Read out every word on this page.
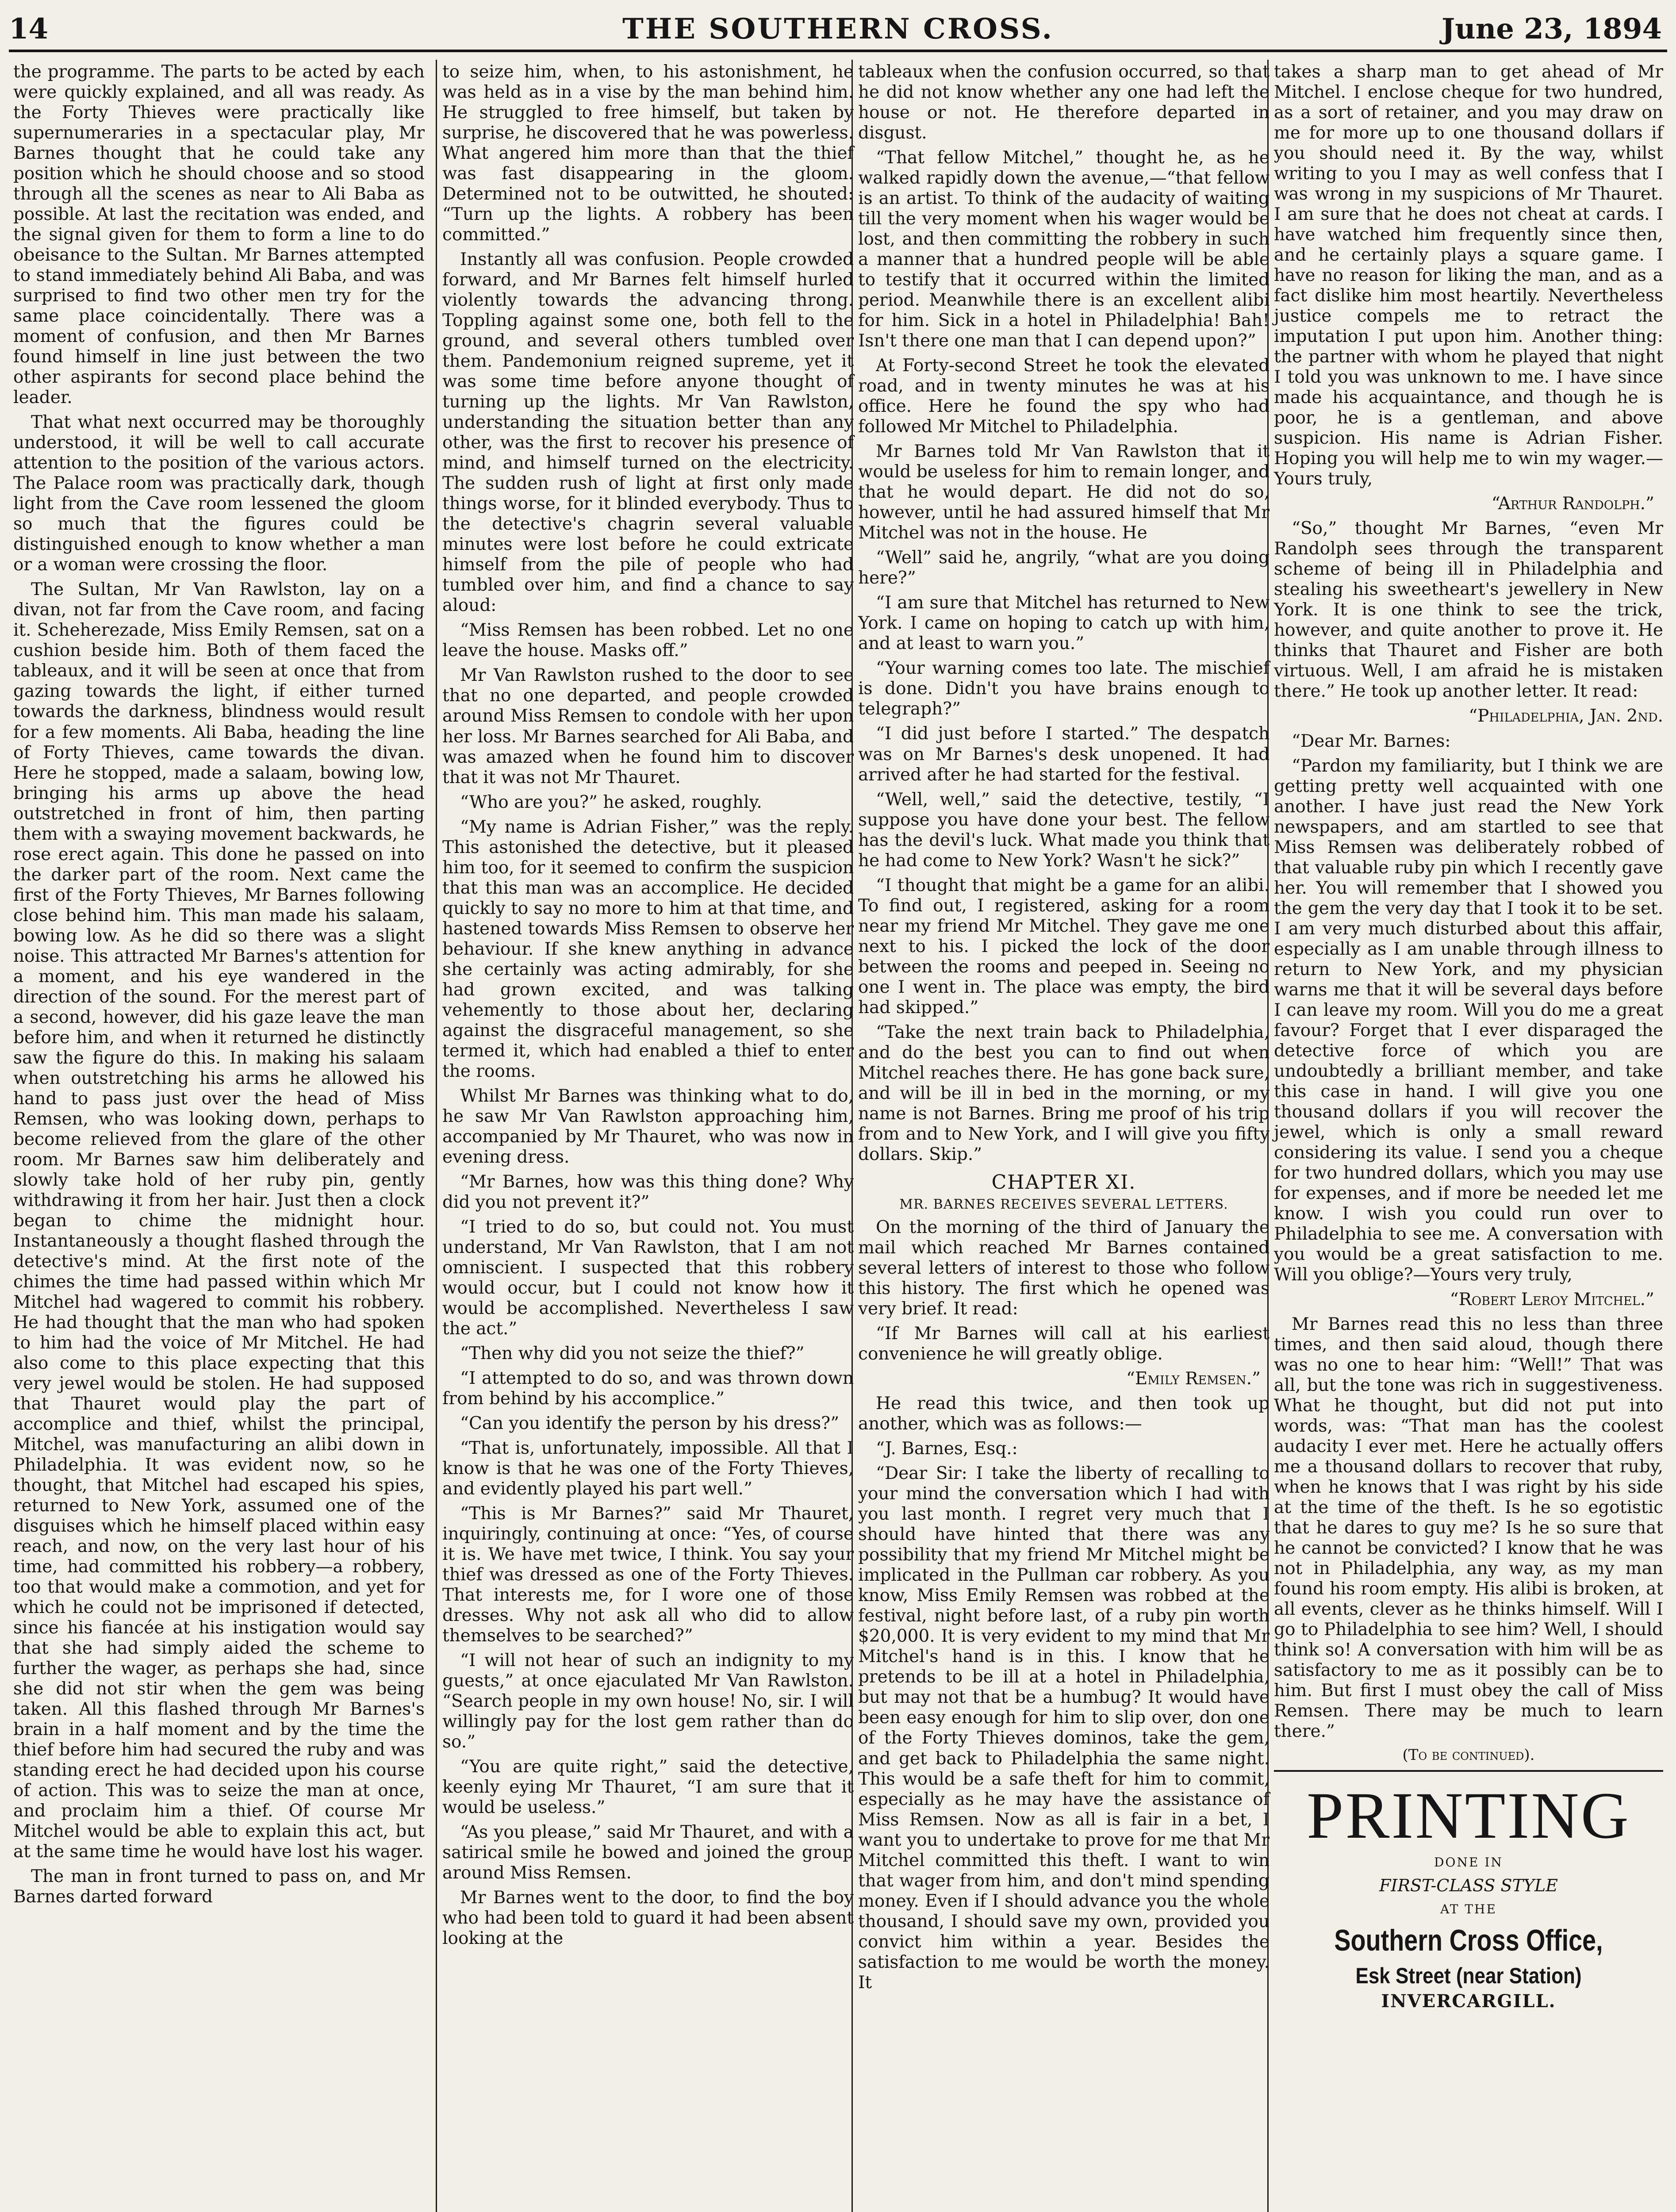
14	THE SOUTHERN CROSS.	June 23, 1894

the programme. The parts to be acted by each were quickly explained, and all was ready. As the Forty Thieves were practically like supernumeraries in a spectacular play, Mr Barnes thought that he could take any position which he should choose and so stood through all the scenes as near to Ali Baba as possible. At last the recitation was ended, and the signal given for them to form a line to do obeisance to the Sultan. Mr Barnes attempted to stand immediately behind Ali Baba, and was surprised to find two other men try for the same place coincidentally. There was a moment of confusion, and then Mr Barnes found himself in line just between the two other aspirants for second place behind the leader.

That what next occurred may be thoroughly understood, it will be well to call accurate attention to the position of the various actors. The Palace room was practically dark, though light from the Cave room lessened the gloom so much that the figures could be distinguished enough to know whether a man or a woman were crossing the floor.

The Sultan, Mr Van Rawlston, lay on a divan, not far from the Cave room, and facing it. Scheherezade, Miss Emily Remsen, sat on a cushion beside him. Both of them faced the tableaux, and it will be seen at once that from gazing towards the light, if either turned towards the darkness, blindness would result for a few moments. Ali Baba, heading the line of Forty Thieves, came towards the divan. Here he stopped, made a salaam, bowing low, bringing his arms up above the head outstretched in front of him, then parting them with a swaying movement backwards, he rose erect again. This done he passed on into the darker part of the room. Next came the first of the Forty Thieves, Mr Barnes following close behind him. This man made his salaam, bowing low. As he did so there was a slight noise. This attracted Mr Barnes's attention for a moment, and his eye wandered in the direction of the sound. For the merest part of a second, however, did his gaze leave the man before him, and when it returned he distinctly saw the figure do this. In making his salaam when outstretching his arms he allowed his hand to pass just over the head of Miss Remsen, who was looking down, perhaps to become relieved from the glare of the other room. Mr Barnes saw him deliberately and slowly take hold of her ruby pin, gently withdrawing it from her hair. Just then a clock began to chime the midnight hour. Instantaneously a thought flashed through the detective's mind. At the first note of the chimes the time had passed within which Mr Mitchel had wagered to commit his robbery. He had thought that the man who had spoken to him had the voice of Mr Mitchel. He had also come to this place expecting that this very jewel would be stolen. He had supposed that Thauret would play the part of accomplice and thief, whilst the principal, Mitchel, was manufacturing an alibi down in Philadelphia. It was evident now, so he thought, that Mitchel had escaped his spies, returned to New York, assumed one of the disguises which he himself placed within easy reach, and now, on the very last hour of his time, had committed his robbery—a robbery, too that would make a commotion, and yet for which he could not be imprisoned if detected, since his fiancée at his instigation would say that she had simply aided the scheme to further the wager, as perhaps she had, since she did not stir when the gem was being taken. All this flashed through Mr Barnes's brain in a half moment and by the time the thief before him had secured the ruby and was standing erect he had decided upon his course of action. This was to seize the man at once, and proclaim him a thief. Of course Mr Mitchel would be able to explain this act, but at the same time he would have lost his wager.

The man in front turned to pass on, and Mr Barnes darted forward

to seize him, when, to his astonishment, he was held as in a vise by the man behind him. He struggled to free himself, but taken by surprise, he discovered that he was powerless. What angered him more than that the thief was fast disappearing in the gloom. Determined not to be outwitted, he shouted: “Turn up the lights. A robbery has been committed.”

Instantly all was confusion. People crowded forward, and Mr Barnes felt himself hurled violently towards the advancing throng. Toppling against some one, both fell to the ground, and several others tumbled over them. Pandemonium reigned supreme, yet it was some time before anyone thought of turning up the lights. Mr Van Rawlston, understanding the situation better than any other, was the first to recover his presence of mind, and himself turned on the electricity. The sudden rush of light at first only made things worse, for it blinded everybody. Thus to the detective's chagrin several valuable minutes were lost before he could extricate himself from the pile of people who had tumbled over him, and find a chance to say aloud:

“Miss Remsen has been robbed. Let no one leave the house. Masks off.”

Mr Van Rawlston rushed to the door to see that no one departed, and people crowded around Miss Remsen to condole with her upon her loss. Mr Barnes searched for Ali Baba, and was amazed when he found him to discover that it was not Mr Thauret.

“Who are you?” he asked, roughly.

“My name is Adrian Fisher,” was the reply. This astonished the detective, but it pleased him too, for it seemed to confirm the suspicion that this man was an accomplice. He decided quickly to say no more to him at that time, and hastened towards Miss Remsen to observe her behaviour. If she knew anything in advance she certainly was acting admirably, for she had grown excited, and was talking vehemently to those about her, declaring against the disgraceful management, so she termed it, which had enabled a thief to enter the rooms.

Whilst Mr Barnes was thinking what to do, he saw Mr Van Rawlston approaching him, accompanied by Mr Thauret, who was now in evening dress.

“Mr Barnes, how was this thing done? Why did you not prevent it?”

“I tried to do so, but could not. You must understand, Mr Van Rawlston, that I am not omniscient. I suspected that this robbery would occur, but I could not know how it would be accomplished. Nevertheless I saw the act.”

“Then why did you not seize the thief?”

“I attempted to do so, and was thrown down from behind by his accomplice.”

“Can you identify the person by his dress?”

“That is, unfortunately, impossible. All that I know is that he was one of the Forty Thieves, and evidently played his part well.”

“This is Mr Barnes?” said Mr Thauret, inquiringly, continuing at once: “Yes, of course it is. We have met twice, I think. You say your thief was dressed as one of the Forty Thieves. That interests me, for I wore one of those dresses. Why not ask all who did to allow themselves to be searched?”

“I will not hear of such an indignity to my guests,” at once ejaculated Mr Van Rawlston. “Search people in my own house! No, sir. I will willingly pay for the lost gem rather than do so.”

“You are quite right,” said the detective, keenly eying Mr Thauret, “I am sure that it would be useless.”

“As you please,” said Mr Thauret, and with a satirical smile he bowed and joined the group around Miss Remsen.

Mr Barnes went to the door, to find the boy who had been told to guard it had been absent looking at the

tableaux when the confusion occurred, so that he did not know whether any one had left the house or not. He therefore departed in disgust.

“That fellow Mitchel,” thought he, as he walked rapidly down the avenue,—“that fellow is an artist. To think of the audacity of waiting till the very moment when his wager would be lost, and then committing the robbery in such a manner that a hundred people will be able to testify that it occurred within the limited period. Meanwhile there is an excellent alibi for him. Sick in a hotel in Philadelphia! Bah! Isn't there one man that I can depend upon?”

At Forty-second Street he took the elevated road, and in twenty minutes he was at his office. Here he found the spy who had followed Mr Mitchel to Philadelphia.

Mr Barnes told Mr Van Rawlston that it would be useless for him to remain longer, and that he would depart. He did not do so, however, until he had assured himself that Mr Mitchel was not in the house. He

“Well” said he, angrily, “what are you doing here?”

“I am sure that Mitchel has returned to New York. I came on hoping to catch up with him, and at least to warn you.”

“Your warning comes too late. The mischief is done. Didn't you have brains enough to telegraph?”

“I did just before I started.” The despatch was on Mr Barnes's desk unopened. It had arrived after he had started for the festival.

“Well, well,” said the detective, testily, “I suppose you have done your best. The fellow has the devil's luck. What made you think that he had come to New York? Wasn't he sick?”

“I thought that might be a game for an alibi. To find out, I registered, asking for a room near my friend Mr Mitchel. They gave me one next to his. I picked the lock of the door between the rooms and peeped in. Seeing no one I went in. The place was empty, the bird had skipped.”

“Take the next train back to Philadelphia, and do the best you can to find out when Mitchel reaches there. He has gone back sure, and will be ill in bed in the morning, or my name is not Barnes. Bring me proof of his trip from and to New York, and I will give you fifty dollars. Skip.”

CHAPTER XI.
MR. BARNES RECEIVES SEVERAL LETTERS.

On the morning of the third of January the mail which reached Mr Barnes contained several letters of interest to those who follow this history. The first which he opened was very brief. It read:

“If Mr Barnes will call at his earliest convenience he will greatly oblige.

“Emily Remsen.”

He read this twice, and then took up another, which was as follows:—

“J. Barnes, Esq.:

“Dear Sir: I take the liberty of recalling to your mind the conversation which I had with you last month. I regret very much that I should have hinted that there was any possibility that my friend Mr Mitchel might be implicated in the Pullman car robbery. As you know, Miss Emily Remsen was robbed at the festival, night before last, of a ruby pin worth $20,000. It is very evident to my mind that Mr Mitchel's hand is in this. I know that he pretends to be ill at a hotel in Philadelphia, but may not that be a humbug? It would have been easy enough for him to slip over, don one of the Forty Thieves dominos, take the gem, and get back to Philadelphia the same night. This would be a safe theft for him to commit, especially as he may have the assistance of Miss Remsen. Now as all is fair in a bet, I want you to undertake to prove for me that Mr Mitchel committed this theft. I want to win that wager from him, and don't mind spending money. Even if I should advance you the whole thousand, I should save my own, provided you convict him within a year. Besides the satisfaction to me would be worth the money. It

takes a sharp man to get ahead of Mr Mitchel. I enclose cheque for two hundred, as a sort of retainer, and you may draw on me for more up to one thousand dollars if you should need it. By the way, whilst writing to you I may as well confess that I was wrong in my suspicions of Mr Thauret. I am sure that he does not cheat at cards. I have watched him frequently since then, and he certainly plays a square game. I have no reason for liking the man, and as a fact dislike him most heartily. Nevertheless justice compels me to retract the imputation I put upon him. Another thing: the partner with whom he played that night I told you was unknown to me. I have since made his acquaintance, and though he is poor, he is a gentleman, and above suspicion. His name is Adrian Fisher. Hoping you will help me to win my wager.—Yours truly,

“Arthur Randolph.”

“So,” thought Mr Barnes, “even Mr Randolph sees through the transparent scheme of being ill in Philadelphia and stealing his sweetheart's jewellery in New York. It is one think to see the trick, however, and quite another to prove it. He thinks that Thauret and Fisher are both virtuous. Well, I am afraid he is mistaken there.” He took up another letter. It read:

“Philadelphia, Jan. 2nd.

“Dear Mr. Barnes:

“Pardon my familiarity, but I think we are getting pretty well acquainted with one another. I have just read the New York newspapers, and am startled to see that Miss Remsen was deliberately robbed of that valuable ruby pin which I recently gave her. You will remember that I showed you the gem the very day that I took it to be set. I am very much disturbed about this affair, especially as I am unable through illness to return to New York, and my physician warns me that it will be several days before I can leave my room. Will you do me a great favour? Forget that I ever disparaged the detective force of which you are undoubtedly a brilliant member, and take this case in hand. I will give you one thousand dollars if you will recover the jewel, which is only a small reward considering its value. I send you a cheque for two hundred dollars, which you may use for expenses, and if more be needed let me know. I wish you could run over to Philadelphia to see me. A conversation with you would be a great satisfaction to me. Will you oblige?—Yours very truly,

“Robert Leroy Mitchel.”

Mr Barnes read this no less than three times, and then said aloud, though there was no one to hear him: “Well!” That was all, but the tone was rich in suggestiveness. What he thought, but did not put into words, was: “That man has the coolest audacity I ever met. Here he actually offers me a thousand dollars to recover that ruby, when he knows that I was right by his side at the time of the theft. Is he so egotistic that he dares to guy me? Is he so sure that he cannot be convicted? I know that he was not in Philadelphia, any way, as my man found his room empty. His alibi is broken, at all events, clever as he thinks himself. Will I go to Philadelphia to see him? Well, I should think so! A conversation with him will be as satisfactory to me as it possibly can be to him. But first I must obey the call of Miss Remsen. There may be much to learn there.”

(To be continued).
PRINTING
DONE IN
FIRST-CLASS STYLE
AT THE
Southern Cross Office,
Esk Street (near Station)
INVERCARGILL.
